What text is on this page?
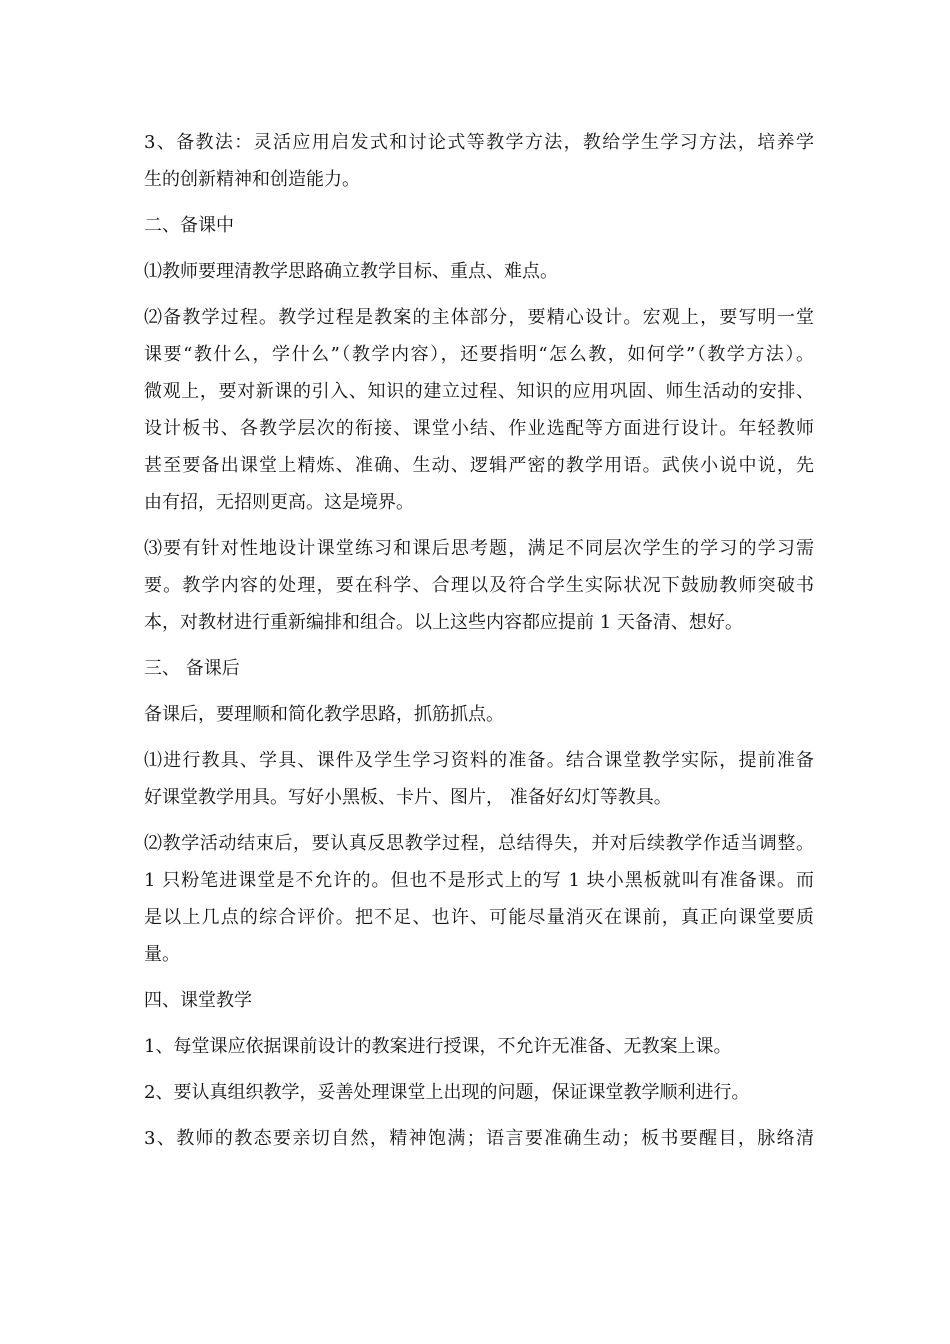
3、备教法：灵活应用启发式和讨论式等教学方法，教给学生学习方法，培养学
生的创新精神和创造能力。
二、备课中
⑴教师要理清教学思路确立教学目标、重点、难点。
⑵备教学过程。教学过程是教案的主体部分，要精心设计。宏观上，要写明一堂
课要“教什么，学什么”（教学内容），还要指明“怎么教，如何学”（教学方法）。
微观上，要对新课的引入、知识的建立过程、知识的应用巩固、师生活动的安排、
设计板书、各教学层次的衔接、课堂小结、作业选配等方面进行设计。年轻教师
甚至要备出课堂上精炼、准确、生动、逻辑严密的教学用语。武侠小说中说，先
由有招，无招则更高。这是境界。
⑶要有针对性地设计课堂练习和课后思考题，满足不同层次学生的学习的学习需
要。教学内容的处理，要在科学、合理以及符合学生实际状况下鼓励教师突破书
本，对教材进行重新编排和组合。以上这些内容都应提前 1 天备清、想好。
三、 备课后
备课后，要理顺和简化教学思路，抓筋抓点。
⑴进行教具、学具、课件及学生学习资料的准备。结合课堂教学实际，提前准备
好课堂教学用具。写好小黑板、卡片、图片， 准备好幻灯等教具。
⑵教学活动结束后，要认真反思教学过程，总结得失，并对后续教学作适当调整。
1 只粉笔进课堂是不允许的。但也不是形式上的写 1 块小黑板就叫有准备课。而
是以上几点的综合评价。把不足、也许、可能尽量消灭在课前，真正向课堂要质
量。
四、课堂教学
1、每堂课应依据课前设计的教案进行授课，不允许无准备、无教案上课。
2、要认真组织教学，妥善处理课堂上出现的问题，保证课堂教学顺利进行。
3、教师的教态要亲切自然，精神饱满；语言要准确生动；板书要醒目，脉络清
